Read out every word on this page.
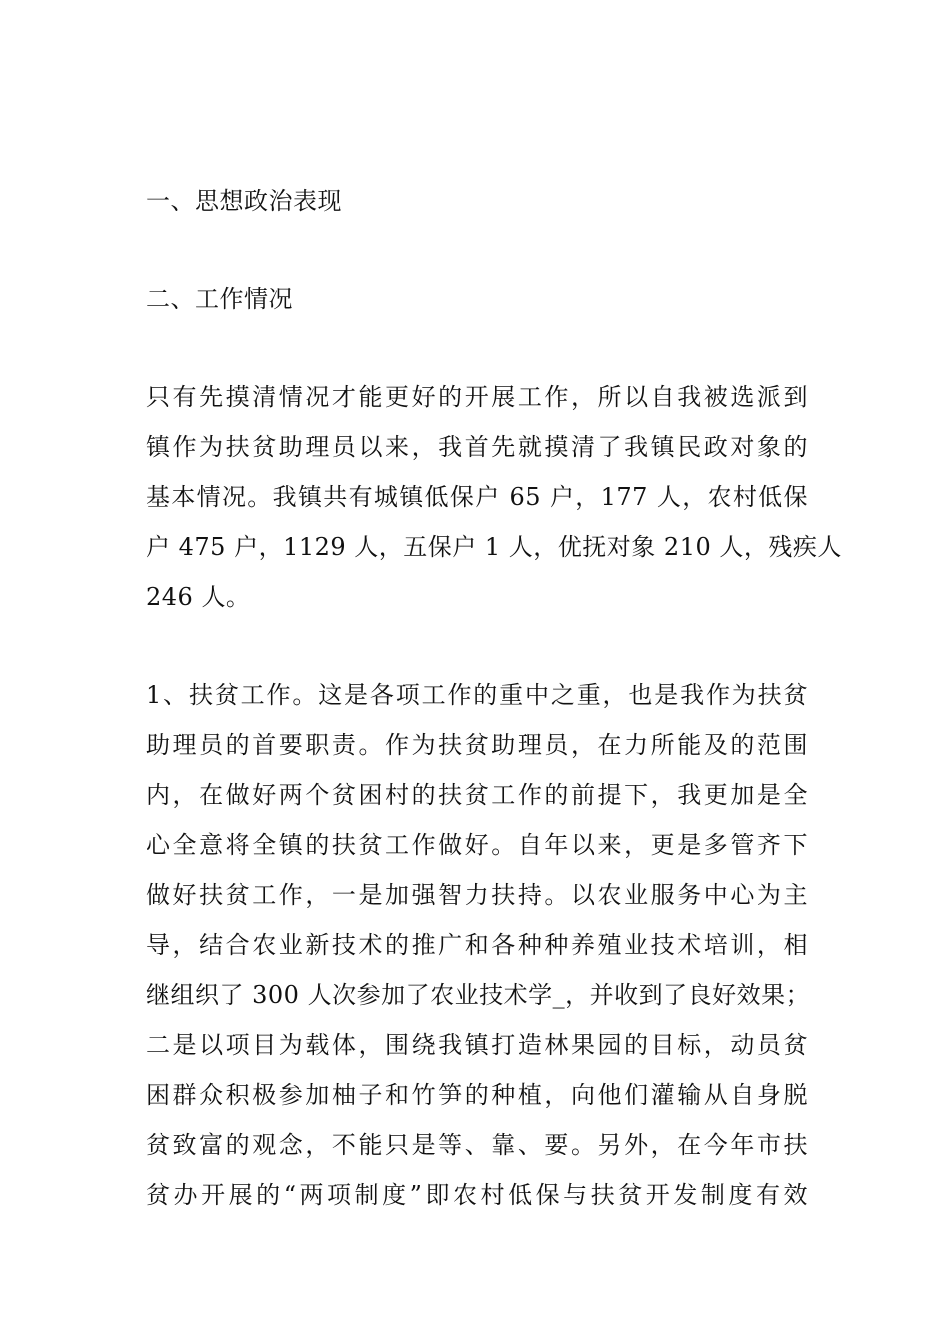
一、思想政治表现

二、工作情况

只有先摸清情况才能更好的开展工作，所以自我被选派到
镇作为扶贫助理员以来，我首先就摸清了我镇民政对象的
基本情况。我镇共有城镇低保户 65 户，177 人，农村低保
户 475 户，1129 人，五保户 1 人，优抚对象 210 人，残疾人
246 人。
1、扶贫工作。这是各项工作的重中之重，也是我作为扶贫
助理员的首要职责。作为扶贫助理员，在力所能及的范围
内，在做好两个贫困村的扶贫工作的前提下，我更加是全
心全意将全镇的扶贫工作做好。自年以来，更是多管齐下
做好扶贫工作，一是加强智力扶持。以农业服务中心为主
导，结合农业新技术的推广和各种种养殖业技术培训，相
继组织了 300 人次参加了农业技术学_，并收到了良好效果；
二是以项目为载体，围绕我镇打造林果园的目标，动员贫
困群众积极参加柚子和竹笋的种植，向他们灌输从自身脱
贫致富的观念，不能只是等、靠、要。另外，在今年市扶
贫办开展的“两项制度”即农村低保与扶贫开发制度有效
